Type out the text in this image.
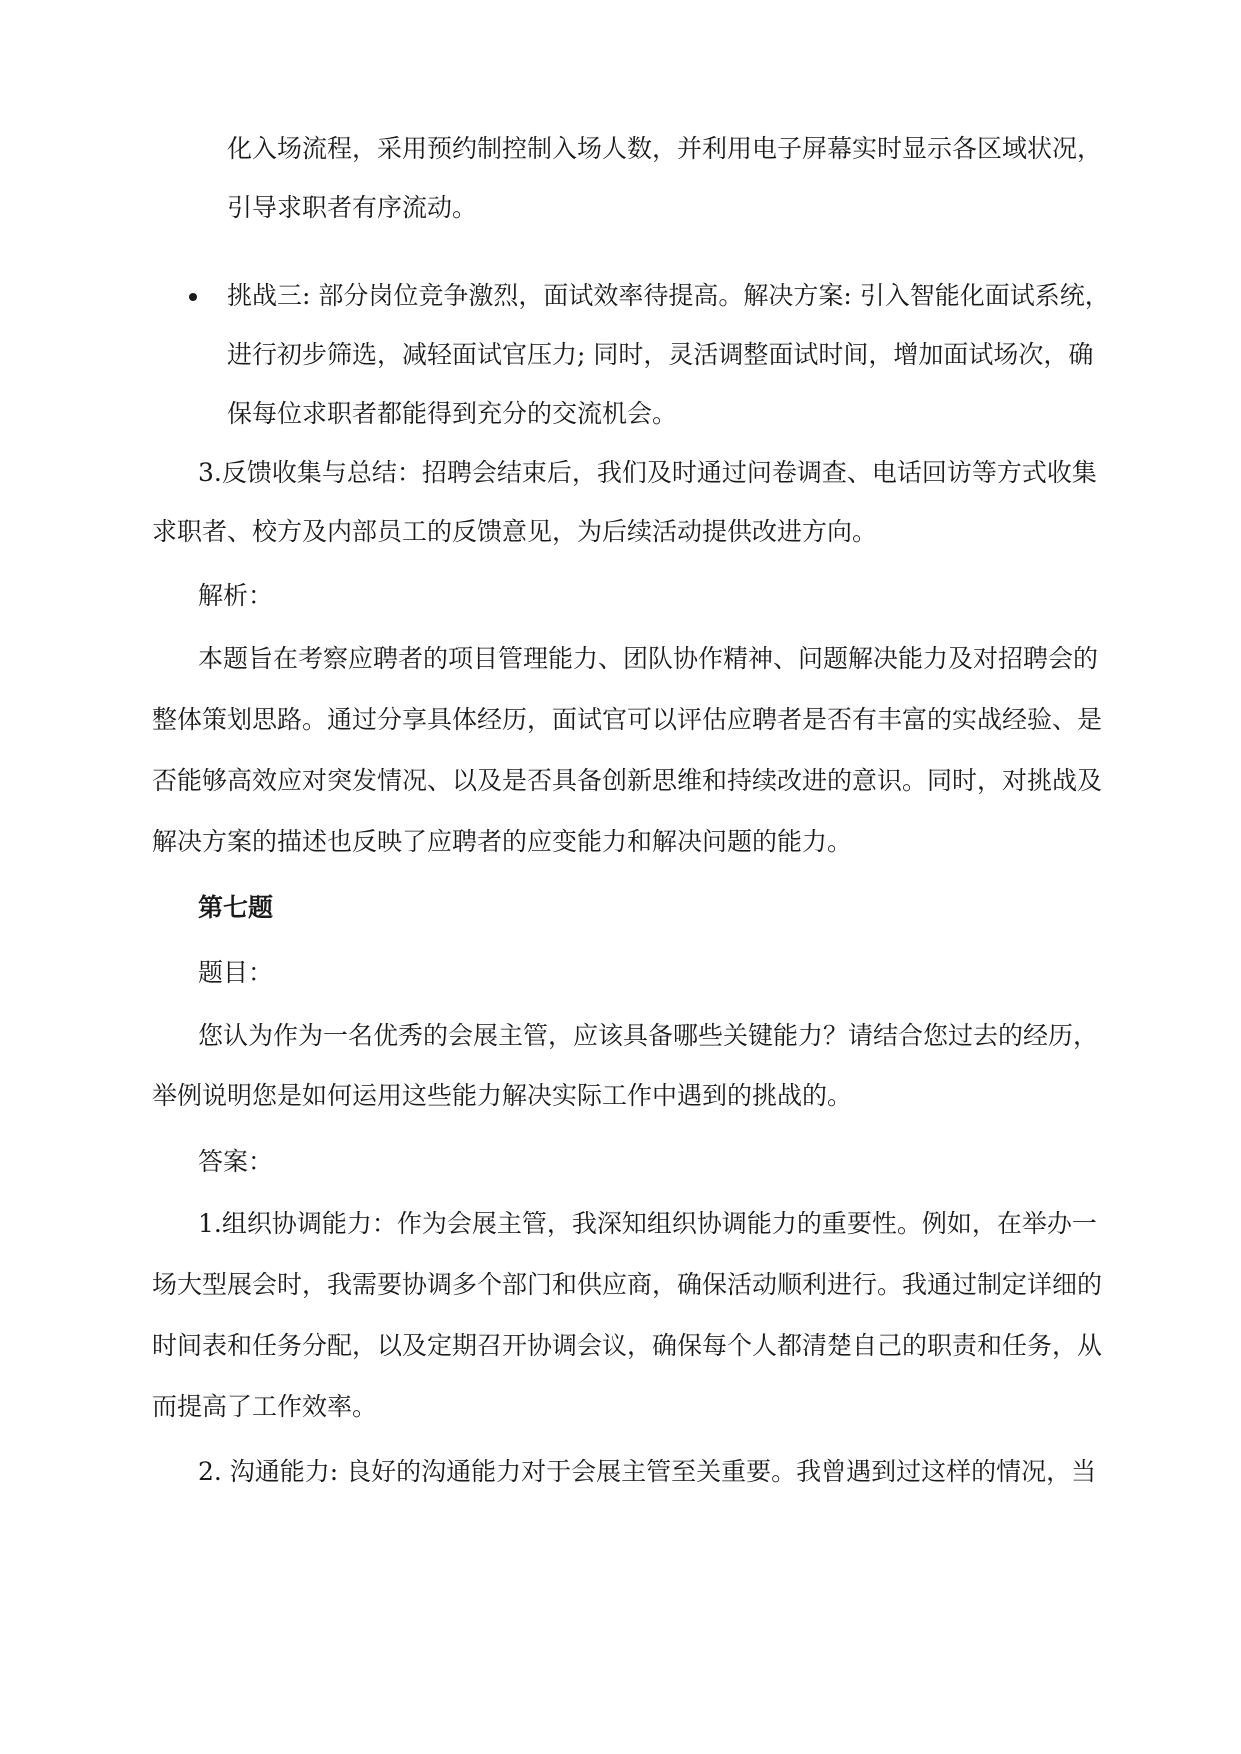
化入场流程，采用预约制控制入场人数，并利用电子屏幕实时显示各区域状况，
引导求职者有序流动。
挑战三: 部分岗位竞争激烈，面试效率待提高。解决方案: 引入智能化面试系统，
进行初步筛选，减轻面试官压力; 同时，灵活调整面试时间，增加面试场次，确
保每位求职者都能得到充分的交流机会。
3.反馈收集与总结：招聘会结束后，我们及时通过问卷调查、电话回访等方式收集
求职者、校方及内部员工的反馈意见，为后续活动提供改进方向。
解析：
本题旨在考察应聘者的项目管理能力、团队协作精神、问题解决能力及对招聘会的
整体策划思路。通过分享具体经历，面试官可以评估应聘者是否有丰富的实战经验、是
否能够高效应对突发情况、以及是否具备创新思维和持续改进的意识。同时，对挑战及
解决方案的描述也反映了应聘者的应变能力和解决问题的能力。
第七题
题目：
您认为作为一名优秀的会展主管，应该具备哪些关键能力？请结合您过去的经历，
举例说明您是如何运用这些能力解决实际工作中遇到的挑战的。
答案：
1.组织协调能力：作为会展主管，我深知组织协调能力的重要性。例如，在举办一
场大型展会时，我需要协调多个部门和供应商，确保活动顺利进行。我通过制定详细的
时间表和任务分配，以及定期召开协调会议，确保每个人都清楚自己的职责和任务，从
而提高了工作效率。
2. 沟通能力: 良好的沟通能力对于会展主管至关重要。我曾遇到过这样的情况，当
